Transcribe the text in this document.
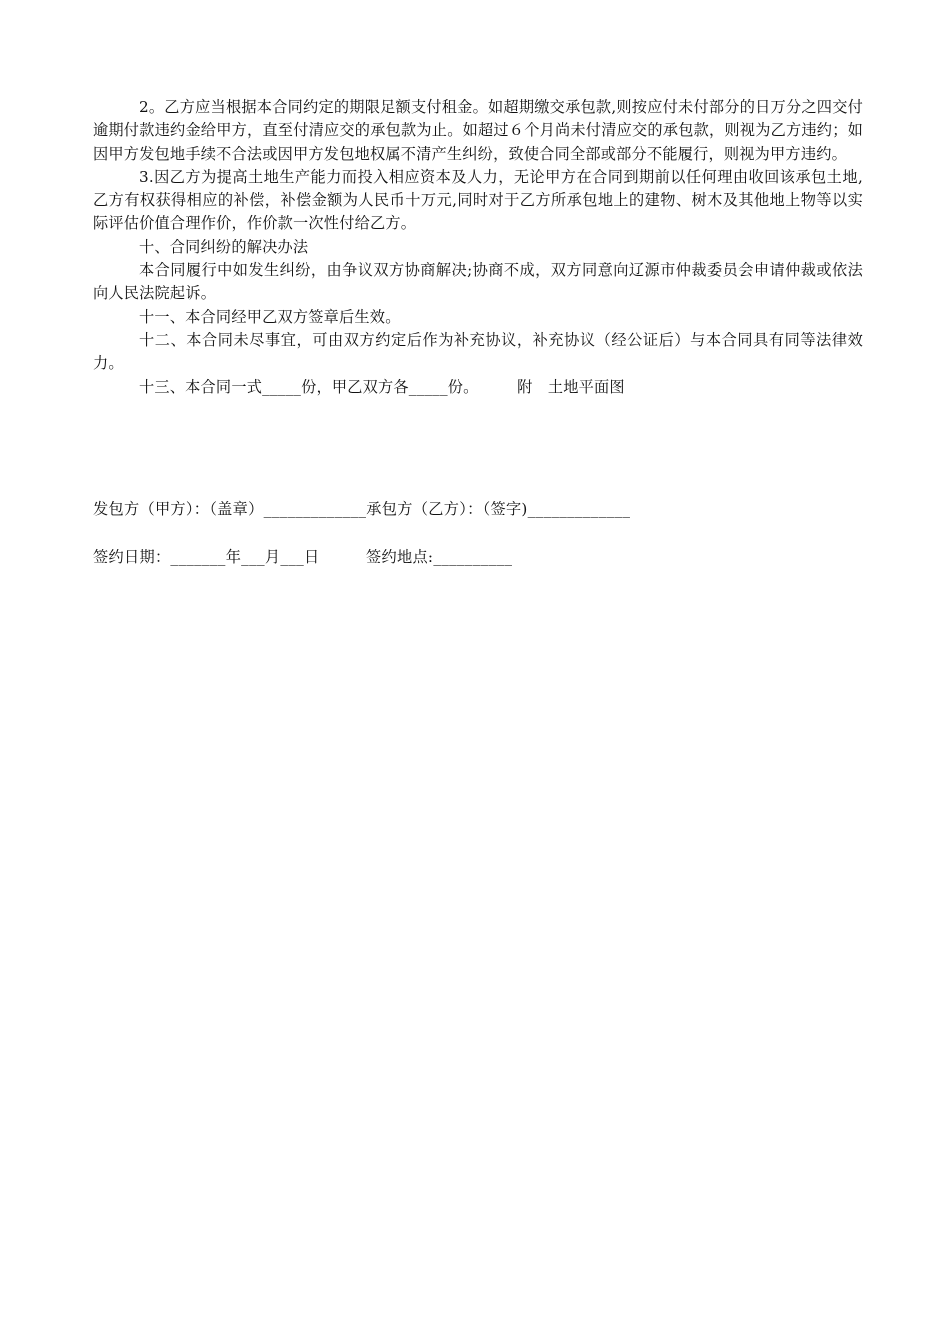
2。乙方应当根据本合同约定的期限足额支付租金。如超期缴交承包款,则按应付未付部分的日万分之四交付逾期付款违约金给甲方，直至付清应交的承包款为止。如超过６个月尚未付清应交的承包款，则视为乙方违约；如因甲方发包地手续不合法或因甲方发包地权属不清产生纠纷，致使合同全部或部分不能履行，则视为甲方违约。

3.因乙方为提高土地生产能力而投入相应资本及人力，无论甲方在合同到期前以任何理由收回该承包土地,乙方有权获得相应的补偿，补偿金额为人民币十万元,同时对于乙方所承包地上的建物、树木及其他地上物等以实际评估价值合理作价，作价款一次性付给乙方。

十、合同纠纷的解决办法

本合同履行中如发生纠纷，由争议双方协商解决;协商不成，双方同意向辽源市仲裁委员会申请仲裁或依法向人民法院起诉。

十一、本合同经甲乙双方签章后生效。

十二、本合同未尽事宜，可由双方约定后作为补充协议，补充协议（经公证后）与本合同具有同等法律效力。

十三、本合同一式_____份，甲乙双方各_____份。　　　附　土地平面图

发包方（甲方）：（盖章）_____________承包方（乙方）：（签字)_____________

签约日期：_______年___月___日　　　签约地点:__________
